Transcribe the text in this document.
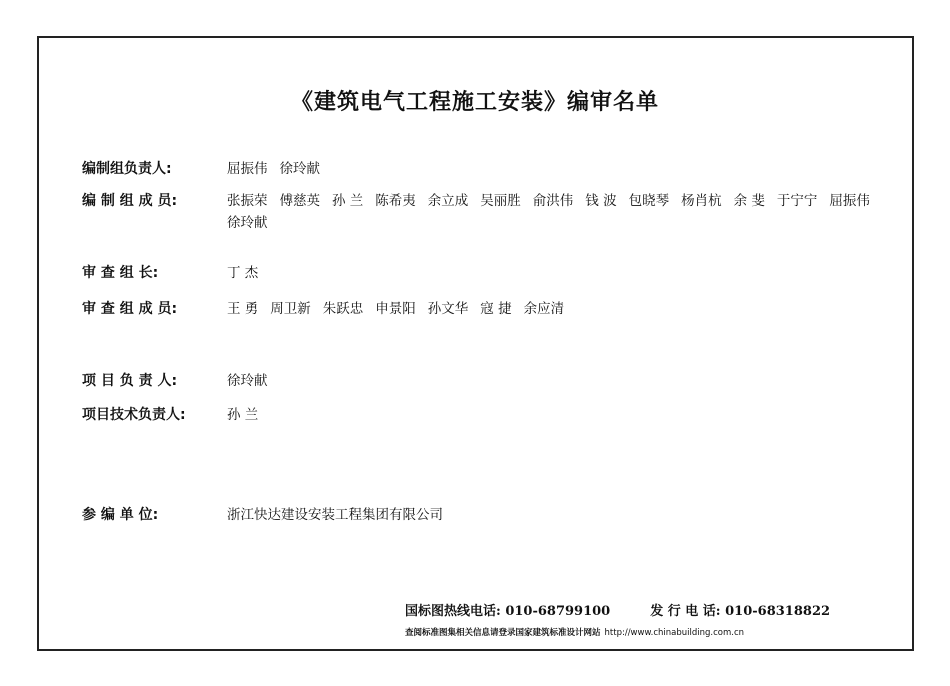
《建筑电气工程施工安装》编审名单
编制组负责人:	屈振伟 徐玲献
编 制 组 成 员:	张振荣 傅慈英 孙 兰 陈希夷 余立成 吴丽胜 俞洪伟 钱 波 包晓琴 杨肖杭 余 斐 于宁宁 屈振伟
徐玲献
审 查 组 长:	丁 杰
审 查 组 成 员:	王 勇 周卫新 朱跃忠 申景阳 孙文华 寇 捷 余应清
项 目 负 责 人:	徐玲献
项目技术负责人:	孙 兰
参 编 单 位:	浙江快达建设安装工程集团有限公司
国标图热线电话: 010-68799100	发 行 电 话: 010-68318822
查阅标准图集相关信息请登录国家建筑标准设计网站 http://www.chinabuilding.com.cn
